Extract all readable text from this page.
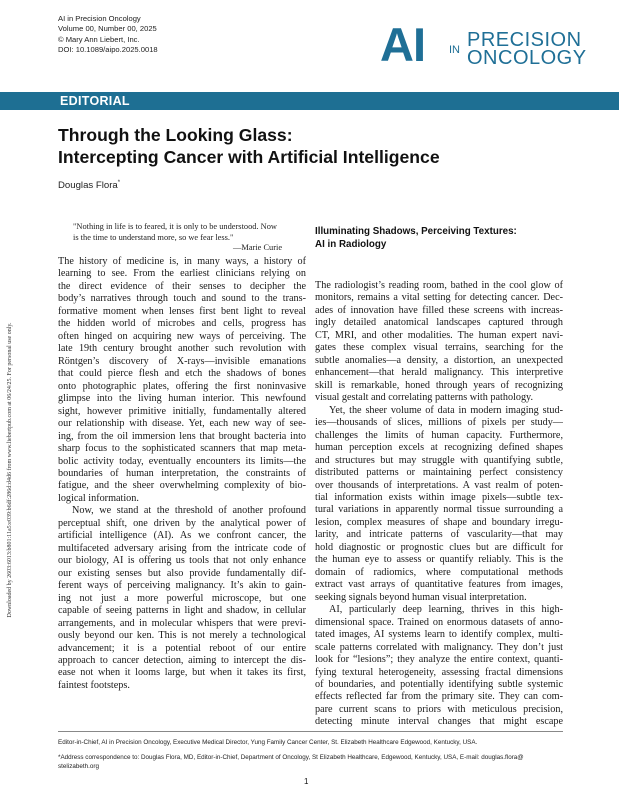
AI in Precision Oncology
Volume 00, Number 00, 2025
© Mary Ann Liebert, Inc.
DOI: 10.1089/aipo.2025.0018	AI IN PRECISION
ONCOLOGY
EDITORIAL
Through the Looking Glass:
Intercepting Cancer with Artificial Intelligence
Douglas Flora*
Downloaded by 2603:6013:b801:11a5:e039:b6df:286d:d4d6 from www.liebertpub.com at 06/24/25. For personal use only.
"Nothing in life is to feared, it is only to be understood. Now
is the time to understand more, so we fear less."
—Marie Curie
The history of medicine is, in many ways, a history of
learning to see. From the earliest clinicians relying on
the direct evidence of their senses to decipher the
body’s narratives through touch and sound to the trans-
formative moment when lenses first bent light to reveal
the hidden world of microbes and cells, progress has
often hinged on acquiring new ways of perceiving. The
late 19th century brought another such revolution with
Röntgen’s discovery of X-rays—invisible emanations
that could pierce flesh and etch the shadows of bones
onto photographic plates, offering the first noninvasive
glimpse into the living human interior. This newfound
sight, however primitive initially, fundamentally altered
our relationship with disease. Yet, each new way of see-
ing, from the oil immersion lens that brought bacteria into
sharp focus to the sophisticated scanners that map meta-
bolic activity today, eventually encounters its limits—the
boundaries of human interpretation, the constraints of
fatigue, and the sheer overwhelming complexity of bio-
logical information.
Now, we stand at the threshold of another profound
perceptual shift, one driven by the analytical power of
artificial intelligence (AI). As we confront cancer, the
multifaceted adversary arising from the intricate code of
our biology, AI is offering us tools that not only enhance
our existing senses but also provide fundamentally dif-
ferent ways of perceiving malignancy. It’s akin to gain-
ing not just a more powerful microscope, but one
capable of seeing patterns in light and shadow, in cellular
arrangements, and in molecular whispers that were previ-
ously beyond our ken. This is not merely a technological
advancement; it is a potential reboot of our entire
approach to cancer detection, aiming to intercept the dis-
ease not when it looms large, but when it takes its first,
faintest footsteps.
Illuminating Shadows, Perceiving Textures:
AI in Radiology
The radiologist’s reading room, bathed in the cool glow of
monitors, remains a vital setting for detecting cancer. Dec-
ades of innovation have filled these screens with increas-
ingly detailed anatomical landscapes captured through
CT, MRI, and other modalities. The human expert navi-
gates these complex visual terrains, searching for the
subtle anomalies—a density, a distortion, an unexpected
enhancement—that herald malignancy. This interpretive
skill is remarkable, honed through years of recognizing
visual gestalt and correlating patterns with pathology.
Yet, the sheer volume of data in modern imaging stud-
ies—thousands of slices, millions of pixels per study—
challenges the limits of human capacity. Furthermore,
human perception excels at recognizing defined shapes
and structures but may struggle with quantifying subtle,
distributed patterns or maintaining perfect consistency
over thousands of interpretations. A vast realm of poten-
tial information exists within image pixels—subtle tex-
tural variations in apparently normal tissue surrounding a
lesion, complex measures of shape and boundary irregu-
larity, and intricate patterns of vascularity—that may
hold diagnostic or prognostic clues but are difficult for
the human eye to assess or quantify reliably. This is the
domain of radiomics, where computational methods
extract vast arrays of quantitative features from images,
seeking signals beyond human visual interpretation.
AI, particularly deep learning, thrives in this high-
dimensional space. Trained on enormous datasets of anno-
tated images, AI systems learn to identify complex, multi-
scale patterns correlated with malignancy. They don’t just
look for “lesions”; they analyze the entire context, quanti-
fying textural heterogeneity, assessing fractal dimensions
of boundaries, and potentially identifying subtle systemic
effects reflected far from the primary site. They can com-
pare current scans to priors with meticulous precision,
detecting minute interval changes that might escape
Editor-in-Chief, AI in Precision Oncology, Executive Medical Director, Yung Family Cancer Center, St. Elizabeth Healthcare Edgewood, Kentucky, USA.
*Address correspondence to: Douglas Flora, MD, Editor-in-Chief, Department of Oncology, St Elizabeth Healthcare, Edgewood, Kentucky, USA, E-mail: douglas.flora@
stelizabeth.org
1
